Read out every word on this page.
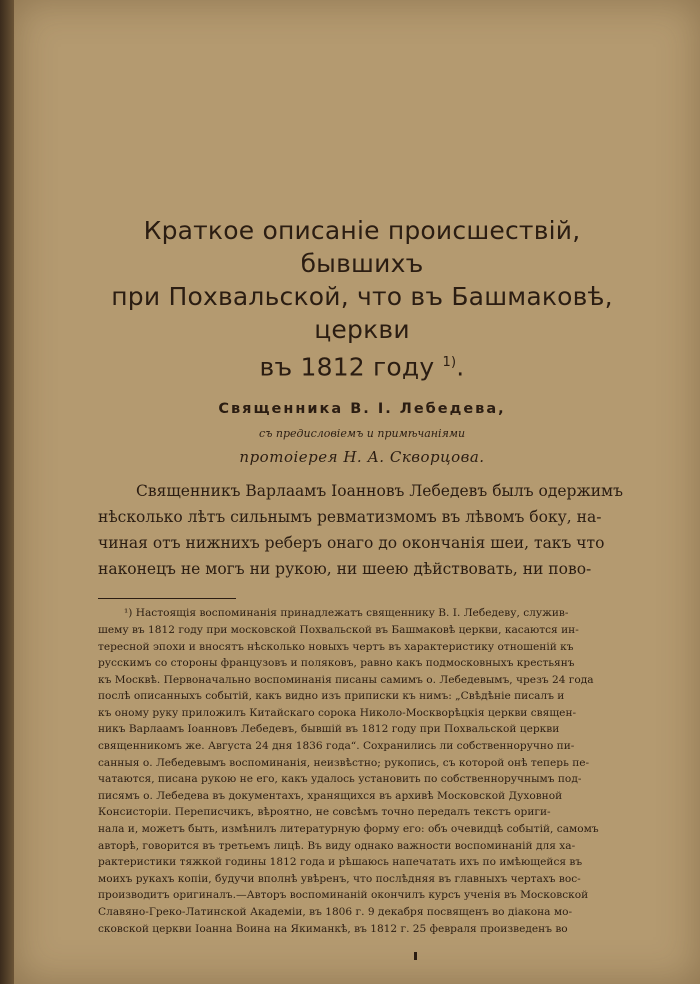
Краткое описаніе происшествій, бывшихъ
при Похвальской, что въ Башмаковѣ, церкви
въ 1812 году $^{1)}$.
Священника В. І. Лебедева,
съ предисловіемъ и примѣчаніями
протоіерея Н. А. Скворцова.
Священникъ Варлаамъ Іоанновъ Лебедевъ былъ одержимъ
нѣсколько лѣтъ сильнымъ ревматизмомъ въ лѣвомъ боку, на-
чиная отъ нижнихъ реберъ онаго до окончанія шеи, такъ что
наконецъ не могъ ни рукою, ни шеею дѣйствовать, ни пово-
¹) Настоящія воспоминанія принадлежатъ священнику В. І. Лебедеву, служив-
шему въ 1812 году при московской Похвальской въ Башмаковѣ церкви, касаются ин-
тересной эпохи и вносятъ нѣсколько новыхъ чертъ въ характеристику отношеній къ
русскимъ со стороны французовъ и поляковъ, равно какъ подмосковныхъ крестьянъ
къ Москвѣ. Первоначально воспоминанія писаны самимъ о. Лебедевымъ, чрезъ 24 года
послѣ описанныхъ событій, какъ видно изъ приписки къ нимъ: „Свѣдѣніе писалъ и
къ оному руку приложилъ Китайскаго сорока Николо-Москворѣцкія церкви священ-
никъ Варлаамъ Іоанновъ Лебедевъ, бывшій въ 1812 году при Похвальской церкви
священникомъ же. Августа 24 дня 1836 года“. Сохранились ли собственноручно пи-
санныя о. Лебедевымъ воспоминанія, неизвѣстно; рукопись, съ которой онѣ теперь пе-
чатаются, писана рукою не его, какъ удалось установить по собственноручнымъ под-
писямъ о. Лебедева въ документахъ, хранящихся въ архивѣ Московской Духовной
Консисторіи. Переписчикъ, вѣроятно, не совсѣмъ точно передалъ текстъ ориги-
нала и, можетъ быть, измѣнилъ литературную форму его: объ очевидцѣ событій, самомъ
авторѣ, говорится въ третьемъ лицѣ. Въ виду однако важности воспоминаній для ха-
рактеристики тяжкой годины 1812 года и рѣшаюсь напечатать ихъ по имѣющейся въ
моихъ рукахъ копіи, будучи вполнѣ увѣренъ, что послѣдняя въ главныхъ чертахъ вос-
производитъ оригиналъ.—Авторъ воспоминаній окончилъ курсъ ученія въ Московской
Славяно-Греко-Латинской Академіи, въ 1806 г. 9 декабря посвященъ во діакона мо-
сковской церкви Іоанна Воина на Якиманкѣ, въ 1812 г. 25 февраля произведенъ во
